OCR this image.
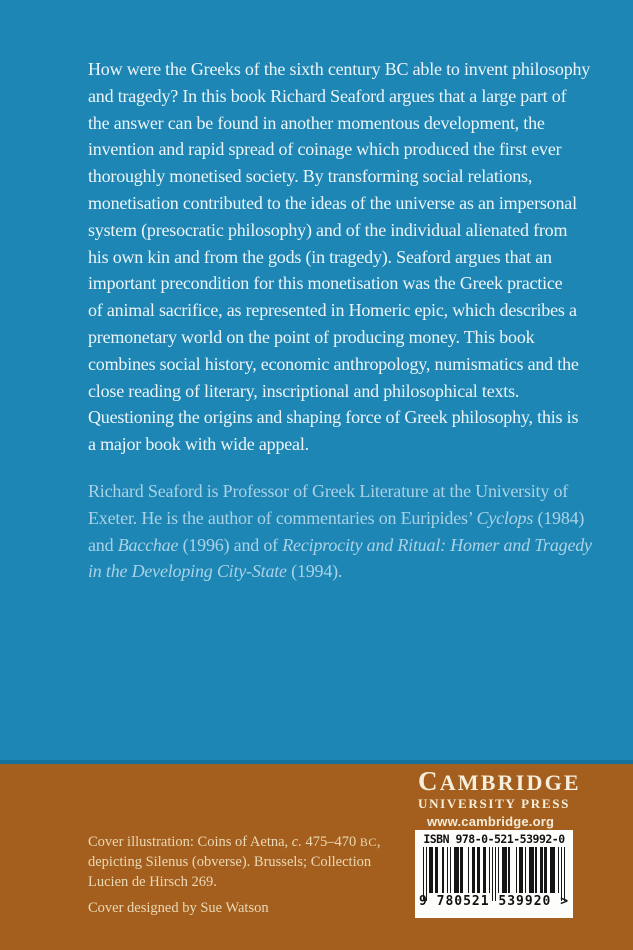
How were the Greeks of the sixth century BC able to invent philosophy
and tragedy? In this book Richard Seaford argues that a large part of
the answer can be found in another momentous development, the
invention and rapid spread of coinage which produced the first ever
thoroughly monetised society. By transforming social relations,
monetisation contributed to the ideas of the universe as an impersonal
system (presocratic philosophy) and of the individual alienated from
his own kin and from the gods (in tragedy). Seaford argues that an
important precondition for this monetisation was the Greek practice
of animal sacrifice, as represented in Homeric epic, which describes a
premonetary world on the point of producing money. This book
combines social history, economic anthropology, numismatics and the
close reading of literary, inscriptional and philosophical texts.
Questioning the origins and shaping force of Greek philosophy, this is
a major book with wide appeal.
Richard Seaford is Professor of Greek Literature at the University of
Exeter. He is the author of commentaries on Euripides’ Cyclops (1984)
and Bacchae (1996) and of Reciprocity and Ritual: Homer and Tragedy
in the Developing City-State (1994).
CAMBRIDGE
UNIVERSITY PRESS
www.cambridge.org
ISBN 978-0-521-53992-0
9 780521 539920 >
Cover illustration: Coins of Aetna, c. 475–470 BC,
depicting Silenus (obverse). Brussels; Collection
Lucien de Hirsch 269.
Cover designed by Sue Watson
